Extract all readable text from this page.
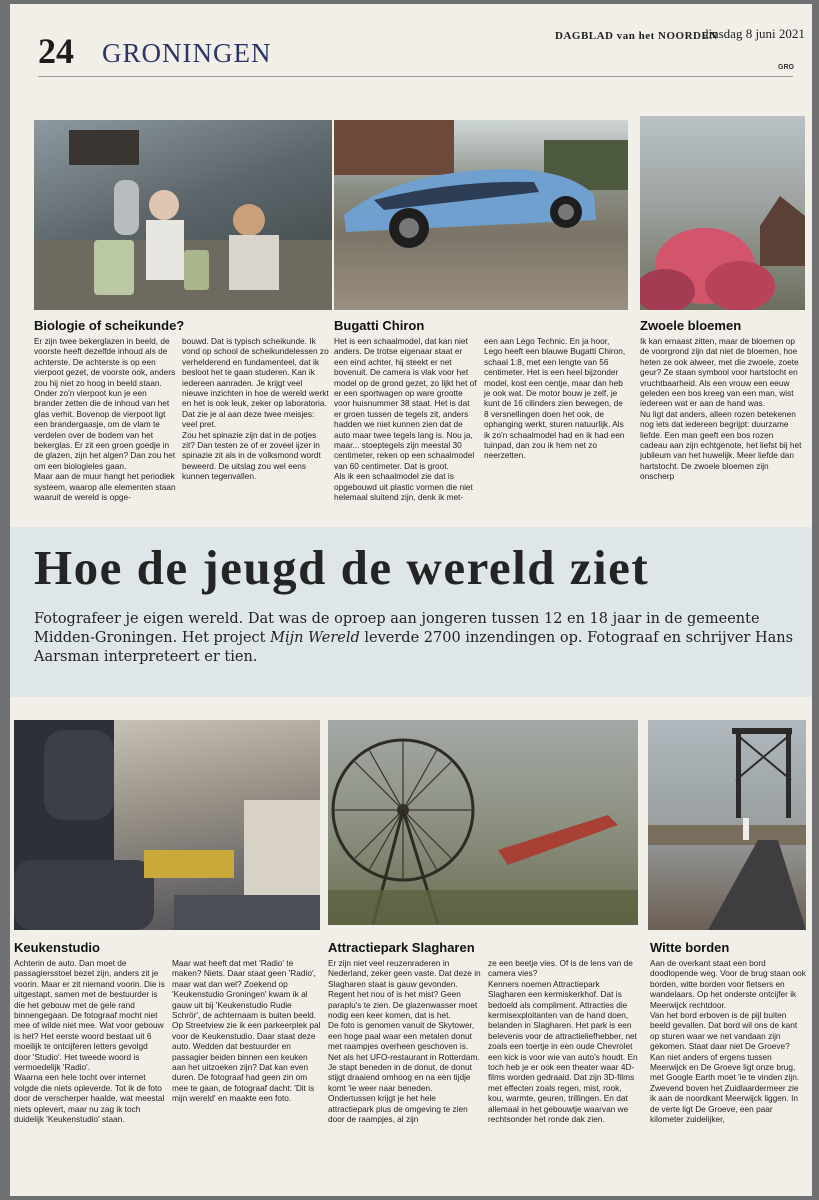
24 GRONINGEN
DAGBLAD van het NOORDEN
dinsdag 8 juni 2021
GRO
Biologie of scheikunde?

Er zijn twee bekerglazen in beeld, de voorste heeft dezelfde inhoud als de achterste. De achterste is op een vierpoot gezet, de voorste ook, anders zou hij niet zo hoog in beeld staan. Onder zo'n vierpoot kun je een brander zetten die de inhoud van het glas verhit. Bovenop de vierpoot ligt een brandergaasje, om de vlam te verdelen over de bodem van het bekerglas. Er zit een groen goedje in de glazen, zijn het algen? Dan zou het om een biologieles gaan.

Maar aan de muur hangt het periodiek systeem, waarop alle elementen staan waaruit de wereld is opge-

bouwd. Dat is typisch scheikunde. Ik vond op school de scheikundelessen zo verhelderend en fundamenteel, dat ik besloot het te gaan studeren. Kan ik iedereen aanraden. Je krijgt veel nieuwe inzichten in hoe de wereld werkt en het is ook leuk, zeker op laboratoria. Dat zie je al aan deze twee meisjes: veel pret.

Zou het spinazie zijn dat in de potjes zit? Dan testen ze of er zoveel ijzer in spinazie zit als in de volksmond wordt beweerd. De uitslag zou wel eens kunnen tegenvallen.

Bugatti Chiron

Het is een schaalmodel, dat kan niet anders. De trotse eigenaar staat er een eind achter, hij steekt er net bovenuit. De camera is vlak voor het model op de grond gezet, zo lijkt het of er een sportwagen op ware grootte voor huisnummer 38 staat. Het is dat er groen tussen de tegels zit, anders hadden we niet kunnen zien dat de auto maar twee tegels lang is. Nou ja, maar... stoeptegels zijn meestal 30 centimeter, reken op een schaalmodel van 60 centimeter. Dat is groot.

Als ik een schaalmodel zie dat is opgebouwd uit plastic vormen die niet helemaal sluitend zijn, denk ik met-

een aan Lego Technic. En ja hoor, Lego heeft een blauwe Bugatti Chiron, schaal 1:8, met een lengte van 56 centimeter. Het is een heel bijzonder model, kost een centje, maar dan heb je ook wat. De motor bouw je zelf, je kunt de 16 cilinders zien bewegen, de 8 versnellingen doen het ook, de ophanging werkt, sturen natuurlijk. Als ik zo'n schaalmodel had en ik had een tuinpad, dan zou ik hem net zo neerzetten.

Zwoele bloemen

Ik kan ernaast zitten, maar de bloemen op de voorgrond zijn dat niet de bloemen, hoe heten ze ook alweer, met die zwoele, zoete geur? Ze staan symbool voor hartstocht en vruchtbaarheid. Als een vrouw een eeuw geleden een bos kreeg van een man, wist iedereen wat er aan de hand was.

Nu ligt dat anders, alleen rozen betekenen nog iets dat iedereen begrijpt: duurzame liefde. Een man geeft een bos rozen cadeau aan zijn echtgenote, het liefst bij het jubileum van het huwelijk. Meer liefde dan hartstocht. De zwoele bloemen zijn onscherp

Hoe de jeugd de wereld ziet
Fotografeer je eigen wereld. Dat was de oproep aan jongeren tussen 12 en 18 jaar in de gemeente Midden-Groningen. Het project Mijn Wereld leverde 2700 inzendingen op. Fotograaf en schrijver Hans Aarsman interpreteert er tien.
Keukenstudio

Achterin de auto. Dan moet de passagiersstoel bezet zijn, anders zit je voorin. Maar er zit niemand voorin. Die is uitgestapt, samen met de bestuurder is die het gebouw met de gele rand binnengegaan. De fotograaf mocht niet mee of wilde niet mee. Wat voor gebouw is het? Het eerste woord bestaat uit 6 moeilijk te ontcijferen letters gevolgd door 'Studio'. Het tweede woord is vermoedelijk 'Radio'.

Waarna een hele tocht over internet volgde die niets opleverde. Tot ik de foto door de verscherper haalde, wat meestal niets oplevert, maar nu zag ik toch duidelijk 'Keukenstudio' staan.

Maar wat heeft dat met 'Radio' te maken? Niets. Daar staat geen 'Radio', maar wat dan wel? Zoekend op 'Keukenstudio Groningen' kwam ik al gauw uit bij 'Keukenstudio Rudie Schrör', de achternaam is buiten beeld.

Op Streetview zie ik een parkeerplek pal voor de Keukenstudio. Daar staat deze auto. Wedden dat bestuurder en passagier beiden binnen een keuken aan het uitzoeken zijn? Dat kan even duren. De fotograaf had geen zin om mee te gaan, de fotograaf dacht: 'Dit is mijn wereld' en maakte een foto.

Attractiepark Slagharen

Er zijn niet veel reuzenraderen in Nederland, zeker geen vaste. Dat deze in Slagharen staat is gauw gevonden. Regent het nou of is het mist? Geen paraplu's te zien. De glazenwasser moet nodig een keer komen, dat is het.

De foto is genomen vanuit de Skytower, een hoge paal waar een metalen donut met raampjes overheen geschoven is. Net als het UFO-restaurant in Rotterdam. Je stapt beneden in de donut, de donut stijgt draaiend omhoog en na een tijdje komt 'ie weer naar beneden. Ondertussen krijgt je het hele attractiepark plus de omgeving te zien door de raampjes, al zijn

ze een beetje vies. Of is de lens van de camera vies?

Kenners noemen Attractiepark Slagharen een kermiskerkhof. Dat is bedoeld als compliment. Attracties die kermisexploitanten van de hand doen, belanden in Slagharen. Het park is een belevenis voor de attractieliefhebber, net zoals een toertje in een oude Chevrolet een kick is voor wie van auto's houdt. En toch heb je er ook een theater waar 4D-films worden gedraaid. Dat zijn 3D-films met effecten zoals regen, mist, rook, kou, warmte, geuren, trillingen. En dat allemaal in het gebouwtje waarvan we rechtsonder het ronde dak zien.

Witte borden

Aan de overkant staat een bord doodlopende weg. Voor de brug staan ook borden, witte borden voor fietsers en wandelaars. Op het onderste ontcijfer ik Meerwijck rechtdoor.

Van het bord erboven is de pijl buiten beeld gevallen. Dat bord wil ons de kant op sturen waar we net vandaan zijn gekomen. Staat daar niet De Groeve?

Kan niet anders of ergens tussen Meerwijck en De Groeve ligt onze brug, met Google Earth moet 'ie te vinden zijn. Zwevend boven het Zuidlaardermeer zie ik aan de noordkant Meerwijck liggen. In de verte ligt De Groeve, een paar kilometer zuidelijker,
